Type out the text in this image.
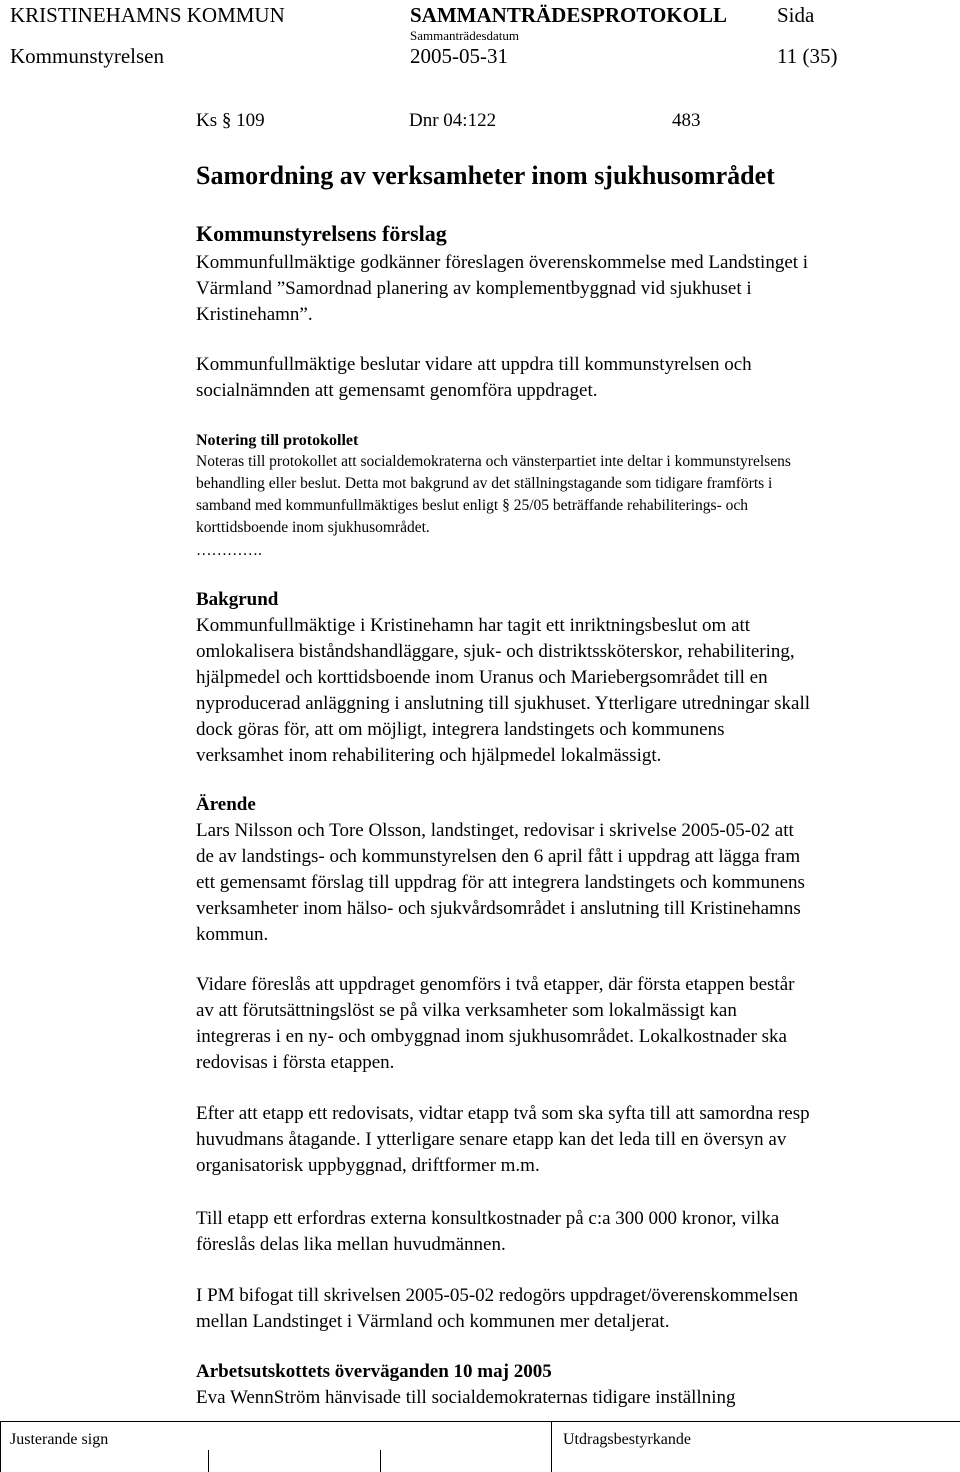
KRISTINEHAMNS KOMMUN	SAMMANTRÄDESPROTOKOLL Sida
Sammanträdesdatum
Kommunstyrelsen	2005-05-31	11 (35)
Ks § 109	Dnr 04:122	483
Samordning av verksamheter inom sjukhusområdet
Kommunstyrelsens förslag
Kommunfullmäktige godkänner föreslagen överenskommelse med Landstinget i
Värmland ”Samordnad planering av komplementbyggnad vid sjukhuset i
Kristinehamn”.
Kommunfullmäktige beslutar vidare att uppdra till kommunstyrelsen och
socialnämnden att gemensamt genomföra uppdraget.
Notering till protokollet
Noteras till protokollet att socialdemokraterna och vänsterpartiet inte deltar i kommunstyrelsens
behandling eller beslut. Detta mot bakgrund av det ställningstagande som tidigare framförts i
samband med kommunfullmäktiges beslut enligt § 25/05 beträffande rehabiliterings- och
korttidsboende inom sjukhusområdet.
………….
Bakgrund
Kommunfullmäktige i Kristinehamn har tagit ett inriktningsbeslut om att
omlokalisera biståndshandläggare, sjuk- och distriktssköterskor, rehabilitering,
hjälpmedel och korttidsboende inom Uranus och Mariebergsområdet till en
nyproducerad anläggning i anslutning till sjukhuset. Ytterligare utredningar skall
dock göras för, att om möjligt, integrera landstingets och kommunens
verksamhet inom rehabilitering och hjälpmedel lokalmässigt.
Ärende
Lars Nilsson och Tore Olsson, landstinget, redovisar i skrivelse 2005-05-02 att
de av landstings- och kommunstyrelsen den 6 april fått i uppdrag att lägga fram
ett gemensamt förslag till uppdrag för att integrera landstingets och kommunens
verksamheter inom hälso- och sjukvårdsområdet i anslutning till Kristinehamns
kommun.
Vidare föreslås att uppdraget genomförs i två etapper, där första etappen består
av att förutsättningslöst se på vilka verksamheter som lokalmässigt kan
integreras i en ny- och ombyggnad inom sjukhusområdet. Lokalkostnader ska
redovisas i första etappen.
Efter att etapp ett redovisats, vidtar etapp två som ska syfta till att samordna resp
huvudmans åtagande. I ytterligare senare etapp kan det leda till en översyn av
organisatorisk uppbyggnad, driftformer m.m.
Till etapp ett erfordras externa konsultkostnader på c:a 300 000 kronor, vilka
föreslås delas lika mellan huvudmännen.
I PM bifogat till skrivelsen 2005-05-02 redogörs uppdraget/överenskommelsen
mellan Landstinget i Värmland och kommunen mer detaljerat.
Arbetsutskottets överväganden 10 maj 2005
Eva WennStröm hänvisade till socialdemokraternas tidigare inställning
Justerande sign	Utdragsbestyrkande
